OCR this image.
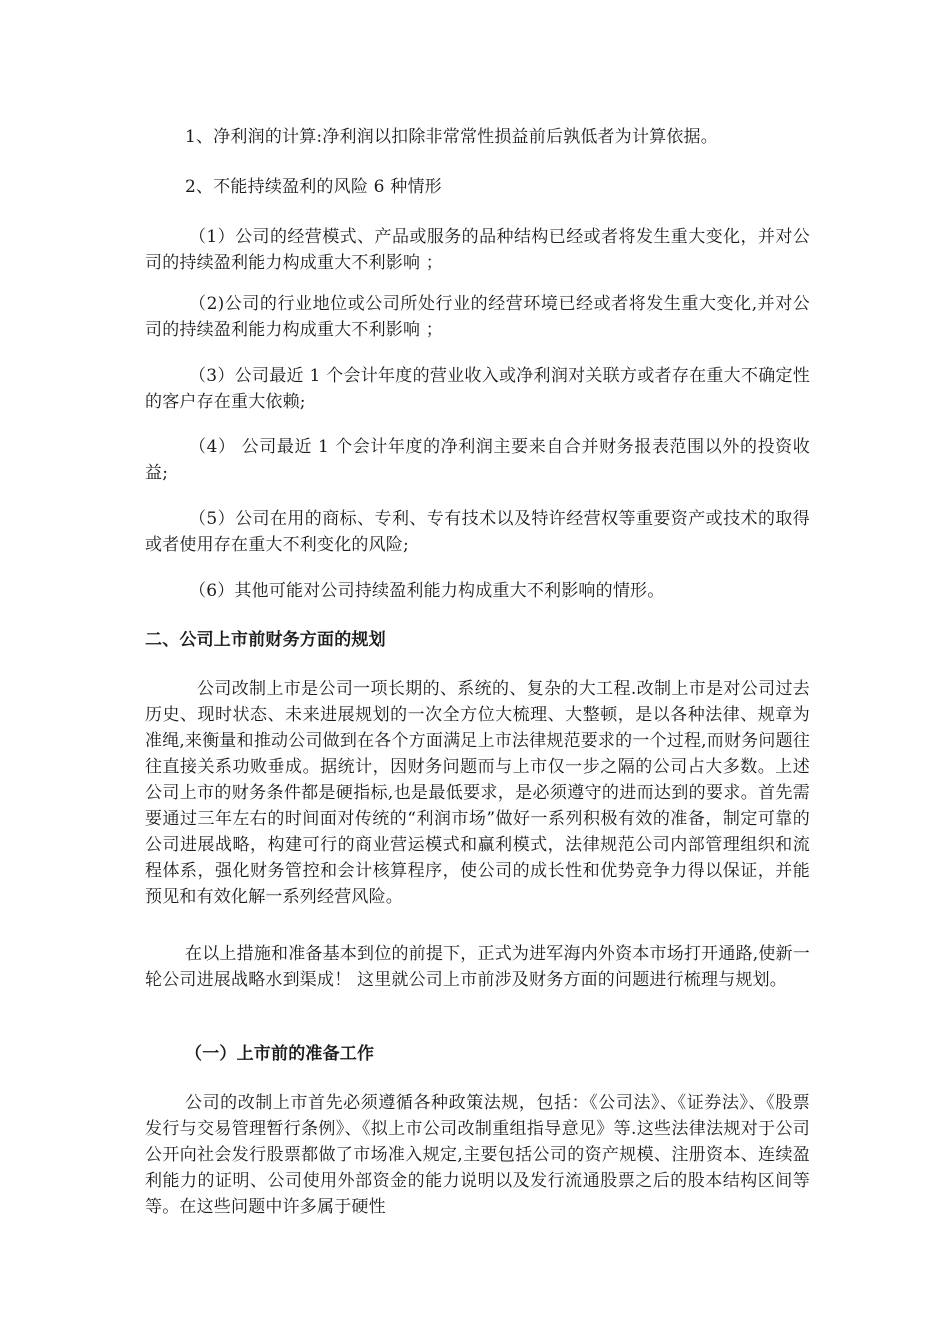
1、净利润的计算:净利润以扣除非常常性损益前后孰低者为计算依据。

2、不能持续盈利的风险 6 种情形

（1）公司的经营模式、产品或服务的品种结构已经或者将发生重大变化，并对公司的持续盈利能力构成重大不利影响 ；

（2)公司的行业地位或公司所处行业的经营环境已经或者将发生重大变化,并对公司的持续盈利能力构成重大不利影响 ；

（3）公司最近 1 个会计年度的营业收入或净利润对关联方或者存在重大不确定性的客户存在重大依赖;

（4） 公司最近 1 个会计年度的净利润主要来自合并财务报表范围以外的投资收益;

（5）公司在用的商标、专利、专有技术以及特许经营权等重要资产或技术的取得或者使用存在重大不利变化的风险;

（6）其他可能对公司持续盈利能力构成重大不利影响的情形。

二、公司上市前财务方面的规划

公司改制上市是公司一项长期的、系统的、复杂的大工程.改制上市是对公司过去历史、现时状态、未来进展规划的一次全方位大梳理、大整顿，是以各种法律、规章为准绳,来衡量和推动公司做到在各个方面满足上市法律规范要求的一个过程,而财务问题往往直接关系功败垂成。据统计，因财务问题而与上市仅一步之隔的公司占大多数。上述公司上市的财务条件都是硬指标,也是最低要求，是必须遵守的进而达到的要求。首先需要通过三年左右的时间面对传统的“利润市场”做好一系列积极有效的准备，制定可靠的公司进展战略，构建可行的商业营运模式和赢利模式，法律规范公司内部管理组织和流程体系，强化财务管控和会计核算程序，使公司的成长性和优势竞争力得以保证，并能预见和有效化解一系列经营风险。

在以上措施和准备基本到位的前提下，正式为进军海内外资本市场打开通路,使新一轮公司进展战略水到渠成！ 这里就公司上市前涉及财务方面的问题进行梳理与规划。

（一）上市前的准备工作

公司的改制上市首先必须遵循各种政策法规，包括：《公司法》、《证券法》、《股票发行与交易管理暂行条例》、《拟上市公司改制重组指导意见》等.这些法律法规对于公司公开向社会发行股票都做了市场准入规定,主要包括公司的资产规模、注册资本、连续盈利能力的证明、公司使用外部资金的能力说明以及发行流通股票之后的股本结构区间等等。在这些问题中许多属于硬性
